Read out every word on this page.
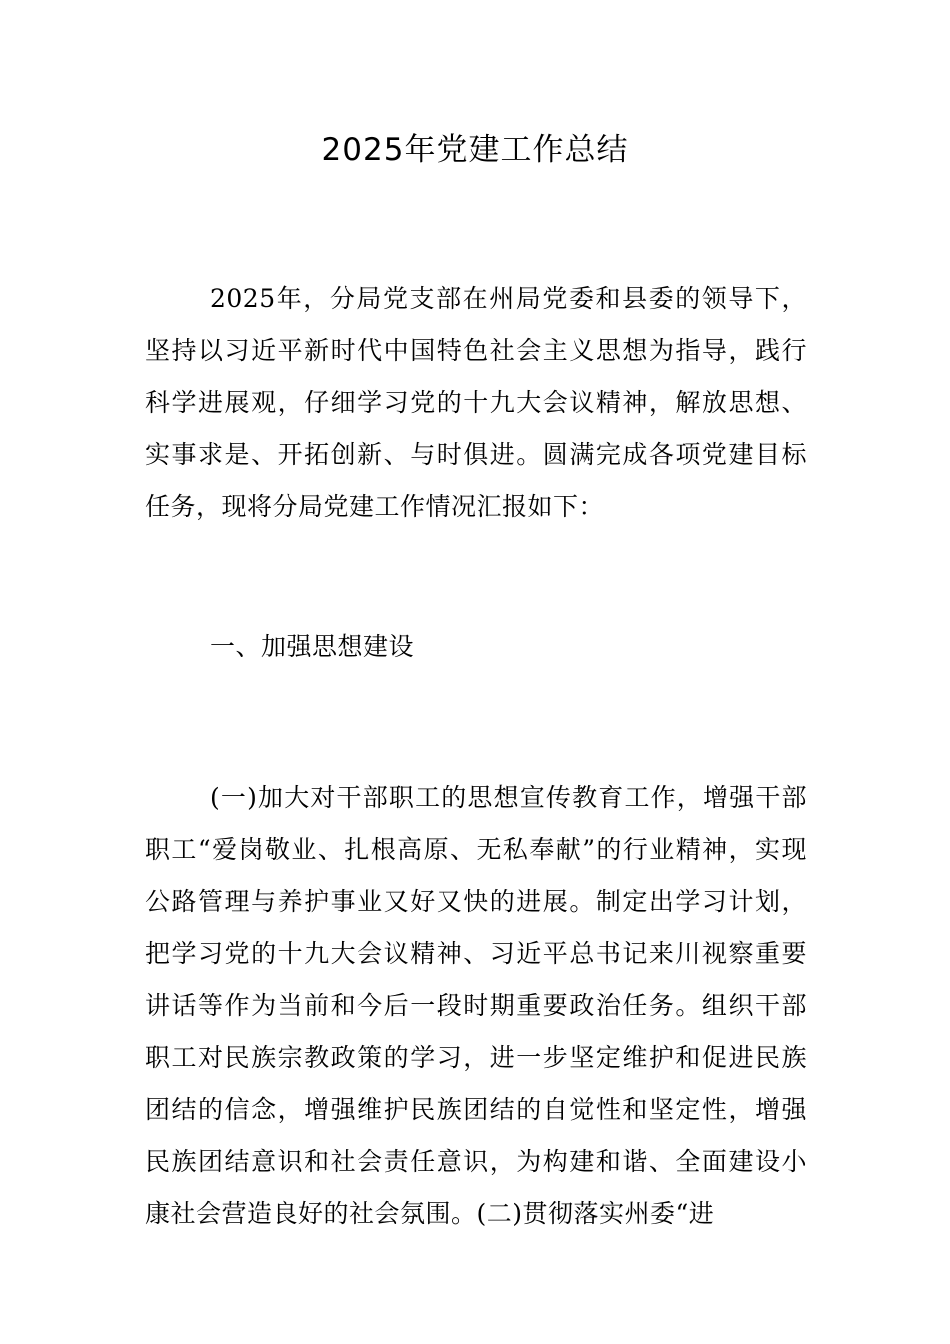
2025年党建工作总结

2025年，分局党支部在州局党委和县委的领导下，坚持以习近平新时代中国特色社会主义思想为指导，践行科学进展观，仔细学习党的十九大会议精神，解放思想、实事求是、开拓创新、与时俱进。圆满完成各项党建目标任务，现将分局党建工作情况汇报如下：

一、加强思想建设

(一)加大对干部职工的思想宣传教育工作，增强干部职工“爱岗敬业、扎根高原、无私奉献”的行业精神，实现公路管理与养护事业又好又快的进展。制定出学习计划，把学习党的十九大会议精神、习近平总书记来川视察重要讲话等作为当前和今后一段时期重要政治任务。组织干部职工对民族宗教政策的学习，进一步坚定维护和促进民族团结的信念，增强维护民族团结的自觉性和坚定性，增强民族团结意识和社会责任意识，为构建和谐、全面建设小康社会营造良好的社会氛围。(二)贯彻落实州委“进
